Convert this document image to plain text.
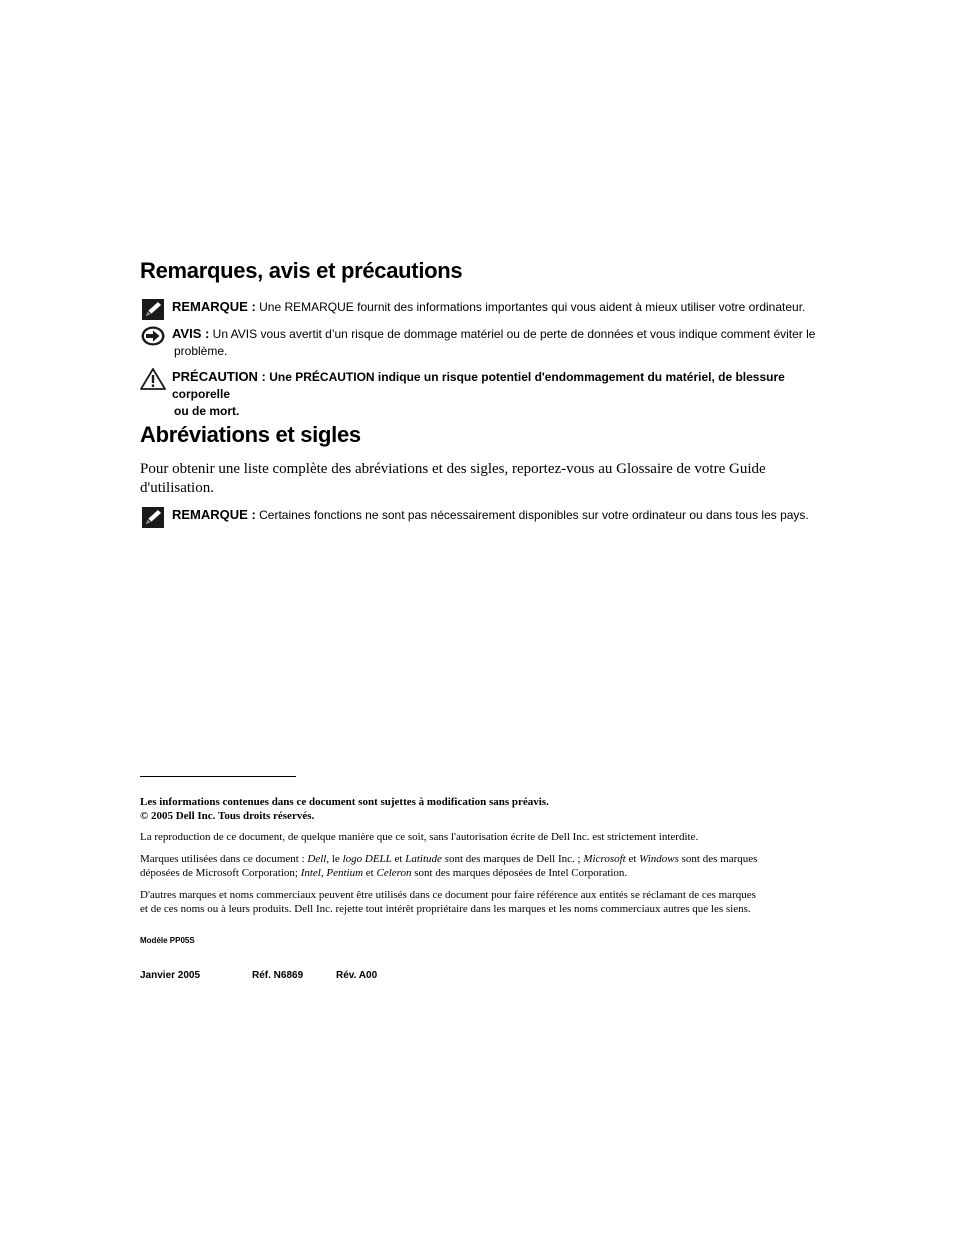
Remarques, avis et précautions
REMARQUE : Une REMARQUE fournit des informations importantes qui vous aident à mieux utiliser votre ordinateur.
AVIS : Un AVIS vous avertit d’un risque de dommage matériel ou de perte de données et vous indique comment éviter le
problème.
PRÉCAUTION : Une PRÉCAUTION indique un risque potentiel d'endommagement du matériel, de blessure corporelle
ou de mort.
Abréviations et sigles

Pour obtenir une liste complète des abréviations et des sigles, reportez-vous au Glossaire de votre Guide
d'utilisation.

REMARQUE : Certaines fonctions ne sont pas nécessairement disponibles sur votre ordinateur ou dans tous les pays.

Les informations contenues dans ce document sont sujettes à modification sans préavis.
© 2005 Dell Inc. Tous droits réservés.

La reproduction de ce document, de quelque manière que ce soit, sans l'autorisation écrite de Dell Inc. est strictement interdite.

Marques utilisées dans ce document : Dell, le logo DELL et Latitude sont des marques de Dell Inc. ; Microsoft et Windows sont des marques
déposées de Microsoft Corporation; Intel, Pentium et Celeron sont des marques déposées de Intel Corporation.

D'autres marques et noms commerciaux peuvent être utilisés dans ce document pour faire référence aux entités se réclamant de ces marques
et de ces noms ou à leurs produits. Dell Inc. rejette tout intérêt propriétaire dans les marques et les noms commerciaux autres que les siens.

Modèle PP05S
Janvier 2005	Réf. N6869	Rév. A00
